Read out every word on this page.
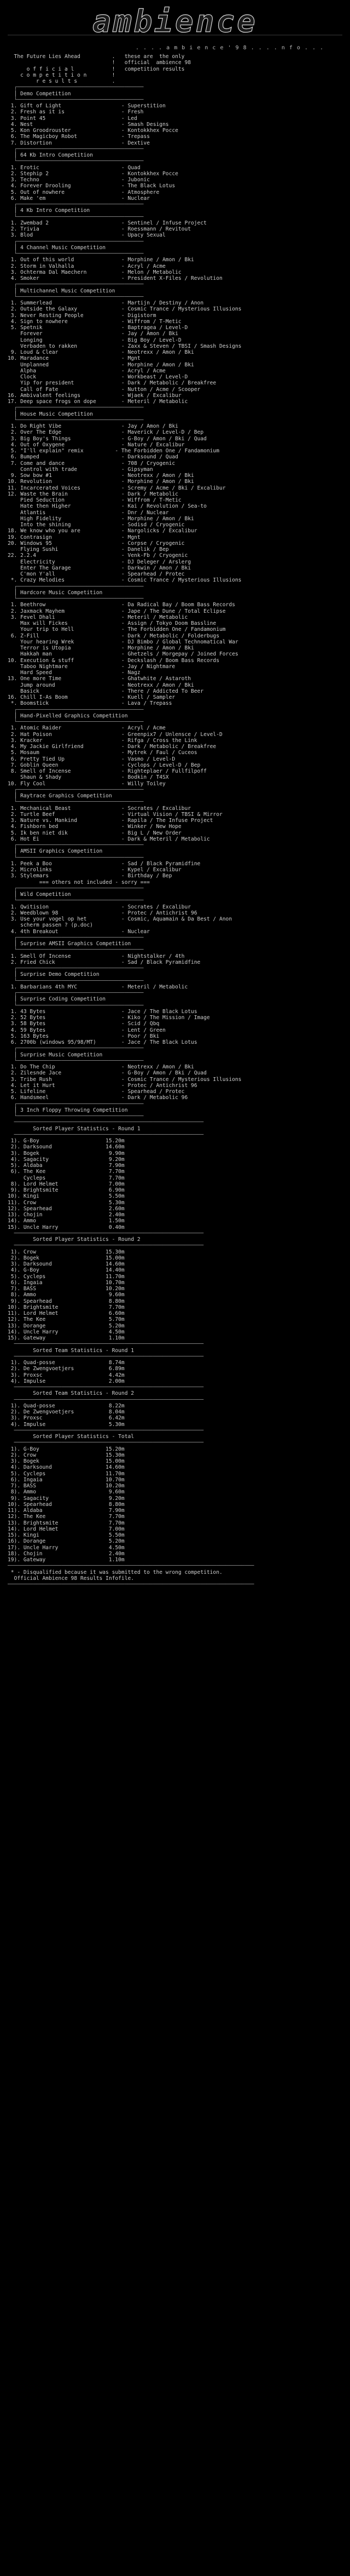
ambience
. . . . a m b i e n c e ' 9 8 . . . . n f o . . .
The Future Lies Ahead          .   these are  the only
!   official  ambience 98
o f f i c i a l            !   competition results
c o m p e t i t i o n        !
r e s u l t s           .
┌────────────────────────────────────────
│ Demo Competition
└────────────────────────────────────────
1. Gift of Light                   - Superstition
2. Fresh as it is                  - Fresh
3. Point 45                        - Led
4. Nest                            - Smash Designs
5. Kon Groodrouster                - Kontokkhex Pocce
6. The Magicboy Robot              - Trepass
7. Distortion                      - Dextive
┌────────────────────────────────────────
│ 64 Kb Intro Competition
└────────────────────────────────────────
1. Erotic                          - Quad
2. Stephip 2                       - Kontokkhex Pocce
3. Techno                          - Jubonic
4. Forever Drooling                - The Black Lotus
5. Out of nowhere                  - Atmosphere
6. Make 'em                        - Nuclear
┌────────────────────────────────────────
│ 4 Kb Intro Competition
└────────────────────────────────────────
1. Zwembad 2                       - Sentinel / Infuse Project
2. Trivia                          - Roessmann / Revitout
3. Blod                            - Upacy Sexual
┌────────────────────────────────────────
│ 4 Channel Music Competition
└────────────────────────────────────────
1. Out of this world               - Morphine / Amon / Bki
2. Storm in Valhalla               - Acryl / Acme
3. Ochterma Dal Maechern           - Melon / Metabolic
4. Smoker                          - President X-Files / Revolution
┌────────────────────────────────────────
│ Multichannel Music Competition
└────────────────────────────────────────
1. Summerlead                      - Martijn / Destiny / Anon
2. Outside the Galaxy              - Cosmic Trance / Mysterious Illusions
3. Never Resting People            - Digistorm
4. Sign to nowhere                 - Wiffrom / T-Metic
5. Spetnik                         - Baptragea / Level-D
Forever                         - Jay / Amon / Bki
Longing                         - Big Boy / Level-D
Verbaden to rakken              - Zaxx & Steven / TBSI / Smash Designs
9. Loud & Clear                    - Neotrexx / Amon / Bki
10. Maradance                       - Mgnt
Unplanned                       - Morphine / Amon / Bki
Alpha                           - Acryl / Acme
Clock                           - Workbeast / Level-D
Yip for president               - Dark / Metabolic / Breakfree
Call of Fate                    - Nutton / Acme / Scooper
16. Ambivalent feelings             - Wjaek / Excalibur
17. Deep space frogs on dope        - Meteril / Metabolic
┌────────────────────────────────────────
│ House Music Competition
└────────────────────────────────────────
1. Do Right Vibe                   - Jay / Amon / Bki
2. Over The Edge                   - Maverick / Level-D / Bep
3. Big Boy's Things                - G-Boy / Amon / Bki / Quad
4. Out of Oxygene                  - Nature / Excalibur
5. "I'll explain" remix          - The Forbidden One / Fandamonium
6. Bumped                          - Darksound / Quad
7. Come and dance                  - 708 / Cryogenic
Control with trade              - Gipsyman
9. Sow bow #1                      - Neotrexx / Amon / Bki
10. Revolution                      - Morphine / Amon / Bki
11. Incarcerated Voices             - Scremy / Acme / Bki / Excalibur
12. Waste the Brain                 - Dark / Metabolic
Pied Seduction                  - Wiffrom / T-Metic
Hate then Higher                - Kai / Revolution / Sea-to
Atlantis                        - Dnr / Nuclear
High Fidelity                   - Morphine / Amon / Bki
Into the shining                - Sodisd / Cryogenic
18. We know who you are             - Nargolicks / Excalibur
19. Contrasign                      - Mgnt
20. Windows 95                      - Corpse / Cryogenic
Flying Sushi                    - Danelik / Bep
22. 2.2.4                           - Venk-Fb / Cryogenic
Electricity                     - DJ Deleger / Arslerg
Enter The Garage                - Darkwin / Amon / Bki
C'mon Y'all                     - Spearhead / Protec
*. Crazy Melodies                  - Cosmic Trance / Mysterious Illusions
┌────────────────────────────────────────
│ Hardcore Music Competition
└────────────────────────────────────────
1. Beethrow                        - Da Radical Bay / Boom Bass Records
2. Jaxmack Mayhem                  - Jape / The Dune / Total Eclipse
3. Fevel Dhali                     - Meteril / Metabolic
Max will Fickes                 - Assign / Tokyo Doom Bassline
Your trip to Hell               - The Forbidden One / Fandamonium
6. Z-Fill                          - Dark / Metabolic / Folderbugs
Your hearing Wrek               - DJ Bimbo / Global Technomatical War
Terror is Utopia                - Morphine / Amon / Bki
Hakkah man                      - Ghetzels / Morgepay / Joined Forces
10. Execution & stuff               - Deckslash / Boom Bass Records
Taboo Nightmare                 - Jay / Nightmare
Hard Speed                      - Nagz
13. One more Time                   - Ghatwhite / Astaroth
Jump around                     - Neotrexx / Amon / Bki
Basick                          - There / Addicted To Beer
16. Chill I-As Boom                 - Kuell / Sampler
*. Boomstick                       - Lava / Trepass
┌────────────────────────────────────────
│ Hand-Pixelled Graphics Competition
└────────────────────────────────────────
1. Atomic Raider                   - Acryl / Acme
2. Hat Poison                      - Greenpix7 / Unlensce / Level-D
3. Kracker                         - Rifga / Cross the Link
4. My Jackie Girlfriend            - Dark / Metabolic / Breakfree
5. Mosaum                          - Mytrek / Faul / Cuceos
6. Pretty Tied Up                  - Vasmo / Level-D
7. Goblin Queen                    - Cyclops / Level-D / Bep
8. Smell of Incense                - Righteplaer / Fullfilpoff
Shaun & Shady                   - Bodkin / T4SX
10. Fly Cool                        - Willy Toiley
┌────────────────────────────────────────
│ Raytrace Graphics Competition
└────────────────────────────────────────
1. Mechanical Beast                - Socrates / Excalibur
2. Turtle Beef                     - Virtual Vision / TBSI & Mirror
3. Nature vs. Mankind              - Rapila / The Infuse Project
4. Fishborn bed                    - Winker / New Hope
5. Ik ben niet dik                 - Big L / New Order
6. Hot Ei                          - Dark & Meteril / Metabolic
┌────────────────────────────────────────
│ AMSII Graphics Competition
└────────────────────────────────────────
1. Peek a Boo                      - Sad / Black Pyramidfine
2. Microlinks                      - Kypel / Excalibur
3. Stylemars                       - Birthday / Bep
=== others not included - sorry ===
┌────────────────────────────────────────
│ Wild Competition
└────────────────────────────────────────
1. Qwitision                       - Socrates / Excalibur
2. Weedblown 98                    - Protec / Antichrist 96
3. Use your vogel op het           - Cosmic, Aquamain & Da Best / Anon
scherm passen ? (p.doc)
4. 4th Breakout                    - Nuclear
┌────────────────────────────────────────
│ Surprise AMSII Graphics Competition
└────────────────────────────────────────
1. Smell Of Incense                - Nightstalker / 4th
2. Fried Chick                     - Sad / Black Pyramidfine
┌────────────────────────────────────────
│ Surprise Demo Competition
└────────────────────────────────────────
1. Barbarians 4th MYC              - Meteril / Metabolic
┌────────────────────────────────────────
│ Surprise Coding Competition
└────────────────────────────────────────
1. 43 Bytes                        - Jace / The Black Lotus
2. 52 Bytes                        - Kiko / The Mission / Image
3. 58 Bytes                        - Scid / Qbq
4. 59 Bytes                        - Lent / Green
5. 163 Bytes                       - Poor / Bki
6. 2700b (windows 95/98/MT)        - Jace / The Black Lotus
┌────────────────────────────────────────
│ Surprise Music Competition
└────────────────────────────────────────
1. Do The Chip                     - Neotrexx / Amon / Bki
2. Zilesnde Jace                   - G-Boy / Amon / Bki / Quad
3. Tribe Rush                      - Cosmic Trance / Mysterious Illusions
4. Let it Hurt                     - Protec / Antichrist 96
5. Lifeline                        - Spearhead / Protec
6. Handsmeel                       - Dark / Metabolic 96
┌────────────────────────────────────────
│ 3 Inch Floppy Throwing Competition
└────────────────────────────────────────
────────────────────────────────────────────────────────────
Sorted Player Statistics - Round 1
────────────────────────────────────────────────────────────
1). G-Boy                     15.20m
2). Darksound                 14.60m
3). Bogek                      9.90m
4). Sagacity                   9.20m
5). Aldaba                     7.90m
6). The Kee                    7.70m
Cycleps                    7.70m
8). Lord Helmet                7.00m
9). Brightsmite                6.90m
10). Kingi                      5.50m
11). Crow                       5.30m
12). Spearhead                  2.60m
13). Chojin                     2.40m
14). Ammo                       1.50m
15). Uncle Harry                0.40m
────────────────────────────────────────────────────────────
Sorted Player Statistics - Round 2
────────────────────────────────────────────────────────────
1). Crow                      15.30m
2). Bogek                     15.00m
3). Darksound                 14.60m
4). G-Boy                     14.40m
5). Cycleps                   11.70m
6). Ingaia                    10.70m
7). BASS                      10.20m
8). Ammo                       9.60m
9). Spearhead                  8.80m
10). Brightsmite                7.70m
11). Lord Helmet                6.60m
12). The Kee                    5.70m
13). Dorange                    5.20m
14). Uncle Harry                4.50m
15). Gateway                    1.10m
────────────────────────────────────────────────────────────
Sorted Team Statistics - Round 1
────────────────────────────────────────────────────────────
1). Quad-posse                 8.74m
2). De Zwengvoetjers           6.89m
3). Proxsc                     4.42m
4). Impulse                    2.00m
────────────────────────────────────────────────────────────
Sorted Team Statistics - Round 2
────────────────────────────────────────────────────────────
1). Quad-posse                 8.22m
2). De Zwengvoetjers           8.04m
3). Proxsc                     6.42m
4). Impulse                    5.30m
────────────────────────────────────────────────────────────
Sorted Player Statistics - Total
────────────────────────────────────────────────────────────
1). G-Boy                     15.20m
2). Crow                      15.30m
3). Bogek                     15.00m
4). Darksound                 14.60m
5). Cycleps                   11.70m
6). Ingaia                    10.70m
7). BASS                      10.20m
8). Ammo                       9.60m
9). Sagacity                   9.20m
10). Spearhead                  8.80m
11). Aldaba                     7.90m
12). The Kee                    7.70m
13). Brightsmite                7.70m
14). Lord Helmet                7.00m
15). Kingi                      5.50m
16). Dorange                    5.20m
17). Uncle Harry                4.50m
18). Chojin                     2.40m
19). Gateway                    1.10m
──────────────────────────────────────────────────────────────────────────────
* - Disqualified because it was submitted to the wrong competition.
Official Ambience 98 Results Infofile.
──────────────────────────────────────────────────────────────────────────────
